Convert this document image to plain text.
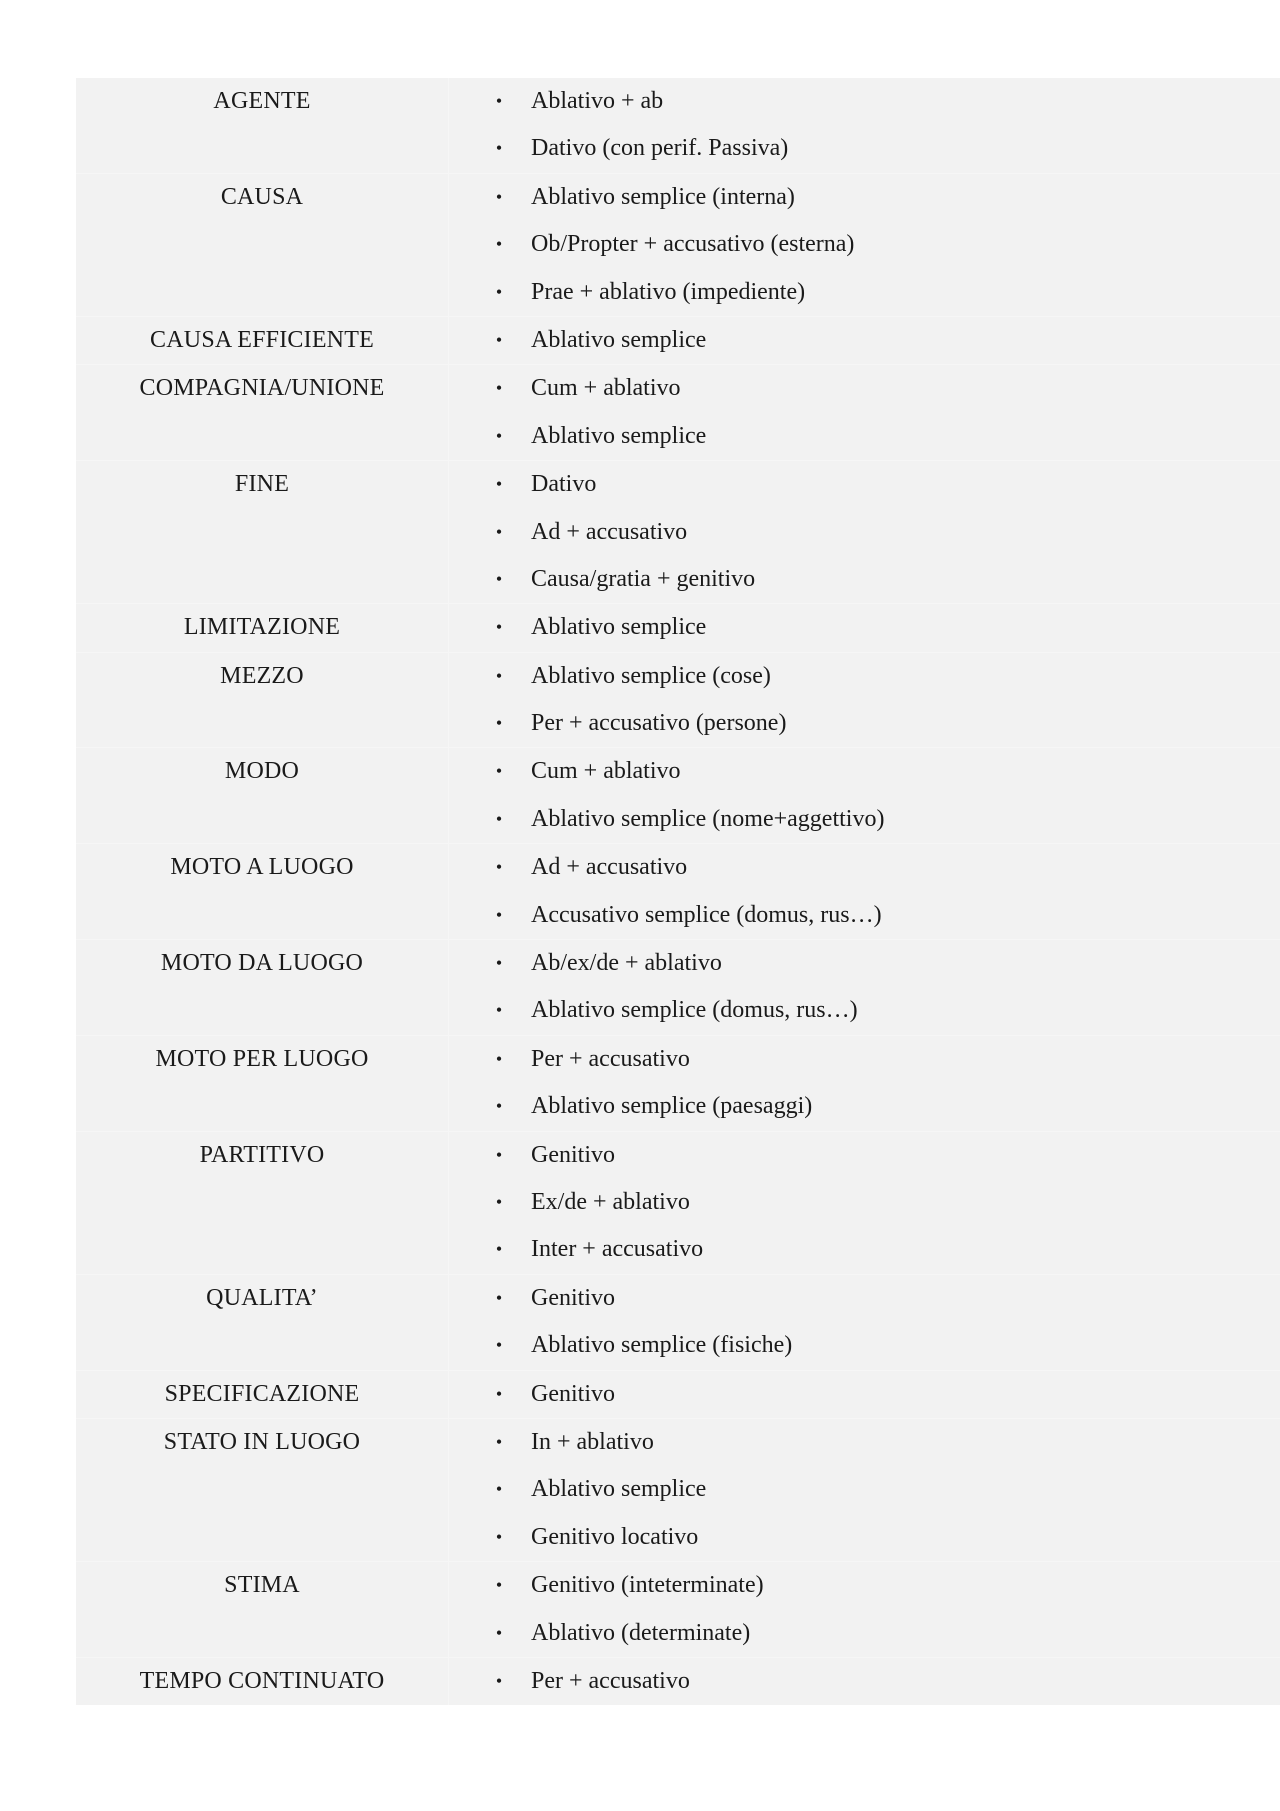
AGENTE	• Ablativo + ab
• Dativo (con perif. Passiva)
CAUSA	• Ablativo semplice (interna)
• Ob/Propter + accusativo (esterna)
• Prae + ablativo (impediente)
CAUSA EFFICIENTE	• Ablativo semplice
COMPAGNIA/UNIONE	• Cum + ablativo
• Ablativo semplice
FINE	• Dativo
• Ad + accusativo
• Causa/gratia + genitivo
LIMITAZIONE	• Ablativo semplice
MEZZO	• Ablativo semplice (cose)
• Per + accusativo (persone)
MODO	• Cum + ablativo
• Ablativo semplice (nome+aggettivo)
MOTO A LUOGO	• Ad + accusativo
• Accusativo semplice (domus, rus…)
MOTO DA LUOGO	• Ab/ex/de + ablativo
• Ablativo semplice (domus, rus…)
MOTO PER LUOGO	• Per + accusativo
• Ablativo semplice (paesaggi)
PARTITIVO	• Genitivo
• Ex/de + ablativo
• Inter + accusativo
QUALITA’	• Genitivo
• Ablativo semplice (fisiche)
SPECIFICAZIONE	• Genitivo
STATO IN LUOGO	• In + ablativo
• Ablativo semplice
• Genitivo locativo
STIMA	• Genitivo (inteterminate)
• Ablativo (determinate)
TEMPO CONTINUATO	• Per + accusativo
